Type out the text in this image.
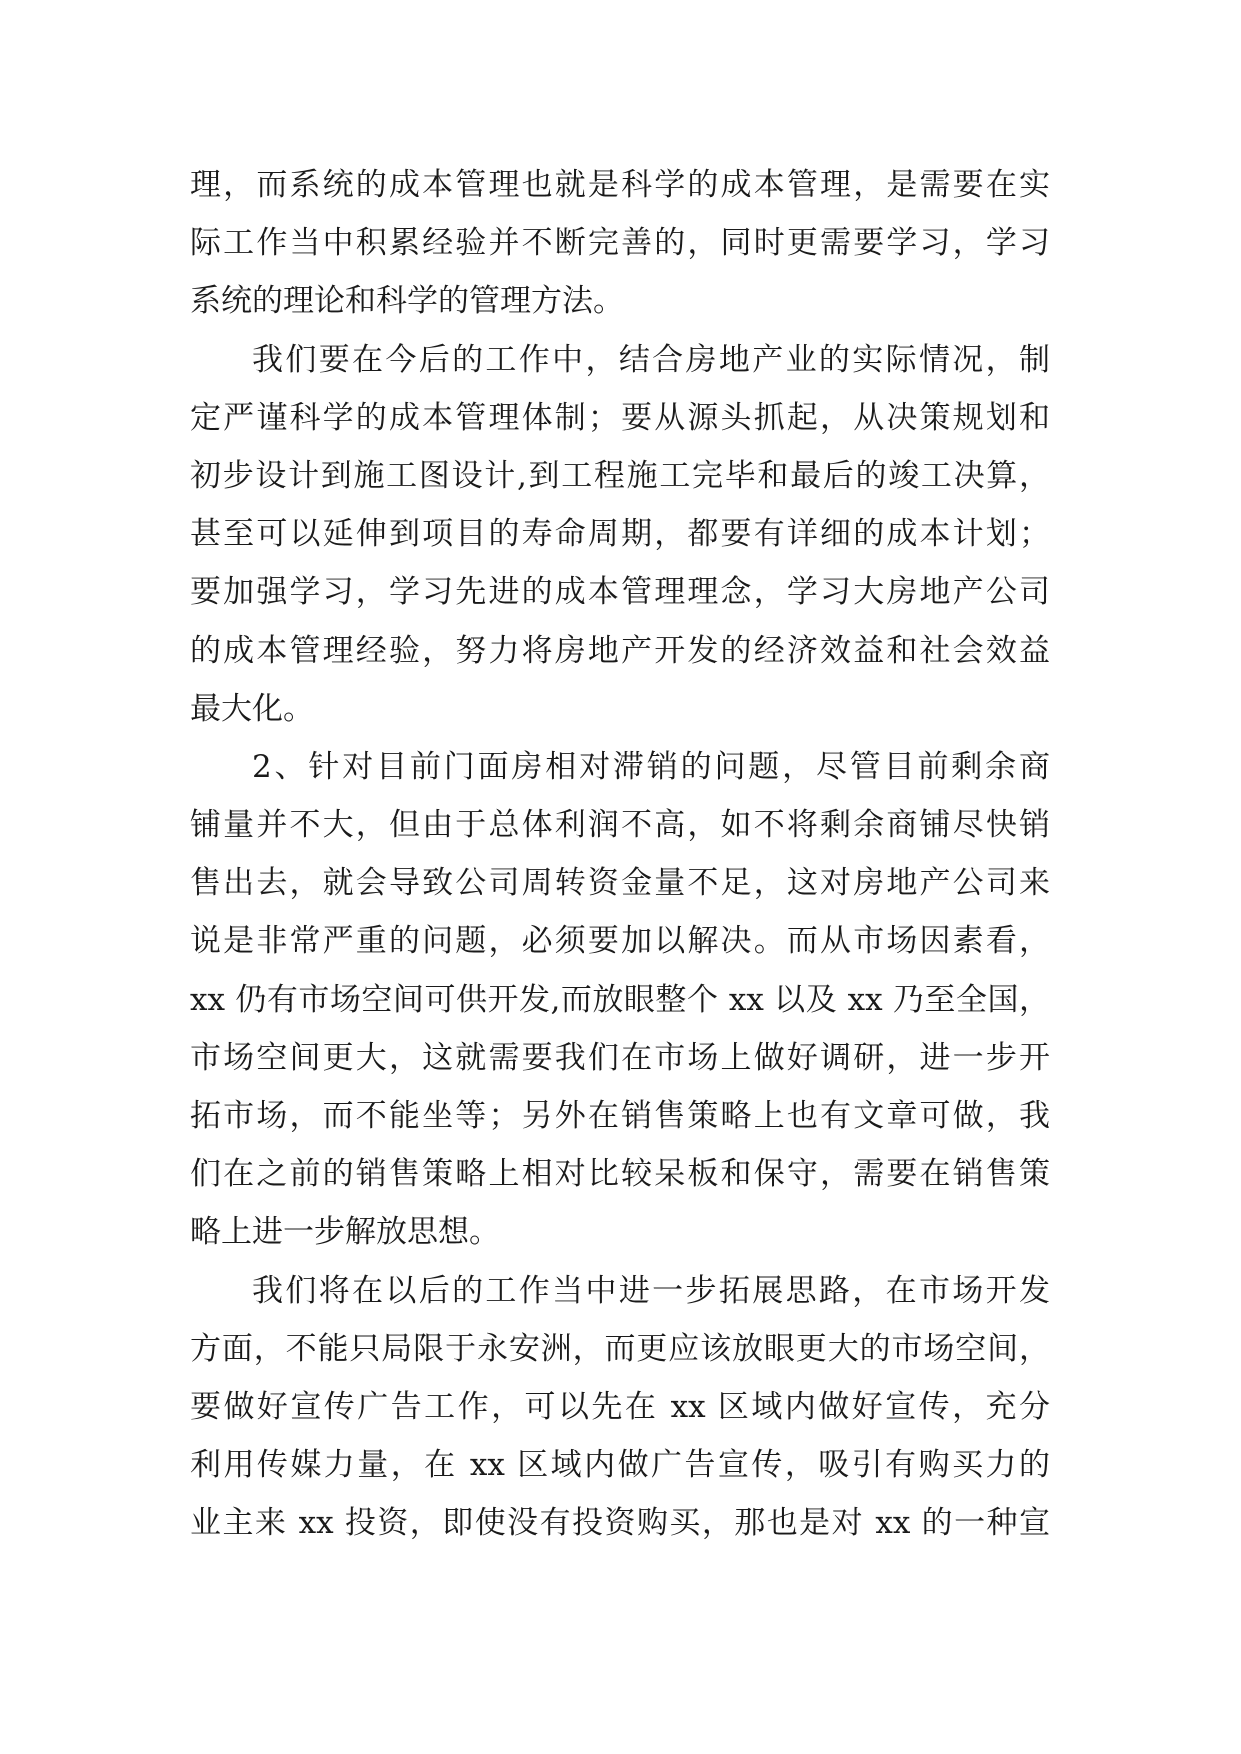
理，而系统的成本管理也就是科学的成本管理，是需要在实
际工作当中积累经验并不断完善的，同时更需要学习，学习
系统的理论和科学的管理方法。
我们要在今后的工作中，结合房地产业的实际情况，制
定严谨科学的成本管理体制；要从源头抓起，从决策规划和
初步设计到施工图设计,到工程施工完毕和最后的竣工决算，
甚至可以延伸到项目的寿命周期，都要有详细的成本计划；
要加强学习，学习先进的成本管理理念，学习大房地产公司
的成本管理经验，努力将房地产开发的经济效益和社会效益
最大化。
2、针对目前门面房相对滞销的问题，尽管目前剩余商
铺量并不大，但由于总体利润不高，如不将剩余商铺尽快销
售出去，就会导致公司周转资金量不足，这对房地产公司来
说是非常严重的问题，必须要加以解决。而从市场因素看，
xx 仍有市场空间可供开发,而放眼整个 xx 以及 xx 乃至全国，
市场空间更大，这就需要我们在市场上做好调研，进一步开
拓市场，而不能坐等；另外在销售策略上也有文章可做，我
们在之前的销售策略上相对比较呆板和保守，需要在销售策
略上进一步解放思想。
我们将在以后的工作当中进一步拓展思路，在市场开发
方面，不能只局限于永安洲，而更应该放眼更大的市场空间，
要做好宣传广告工作，可以先在 xx 区域内做好宣传，充分
利用传媒力量，在 xx 区域内做广告宣传，吸引有购买力的
业主来 xx 投资，即使没有投资购买，那也是对 xx 的一种宣
